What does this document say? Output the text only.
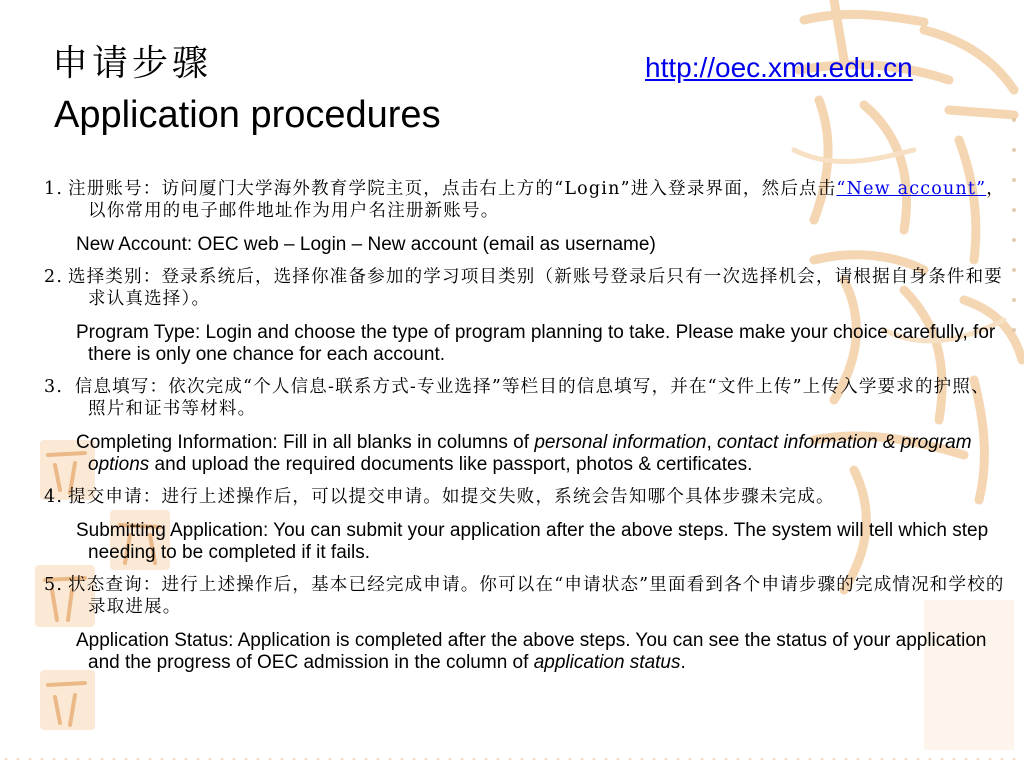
申请步骤
Application procedures
http://oec.xmu.edu.cn
1. 注册账号：访问厦门大学海外教育学院主页，点击右上方的“Login”进入登录界面，然后点击“New account”，以你常用的电子邮件地址作为用户名注册新账号。
New Account: OEC web – Login – New account (email as username)
2. 选择类别：登录系统后，选择你准备参加的学习项目类别（新账号登录后只有一次选择机会，请根据自身条件和要求认真选择）。
Program Type: Login and choose the type of program planning to take. Please make your choice carefully, for there is only one chance for each account.
3. 信息填写：依次完成“个人信息-联系方式-专业选择”等栏目的信息填写，并在“文件上传”上传入学要求的护照、照片和证书等材料。
Completing Information: Fill in all blanks in columns of personal information, contact information & program options and upload the required documents like passport, photos & certificates.
4. 提交申请：进行上述操作后，可以提交申请。如提交失败，系统会告知哪个具体步骤未完成。
Submitting Application: You can submit your application after the above steps. The system will tell which step needing to be completed if it fails.
5. 状态查询：进行上述操作后，基本已经完成申请。你可以在“申请状态”里面看到各个申请步骤的完成情况和学校的录取进展。
Application Status: Application is completed after the above steps. You can see the status of your application and the progress of OEC admission in the column of application status.
